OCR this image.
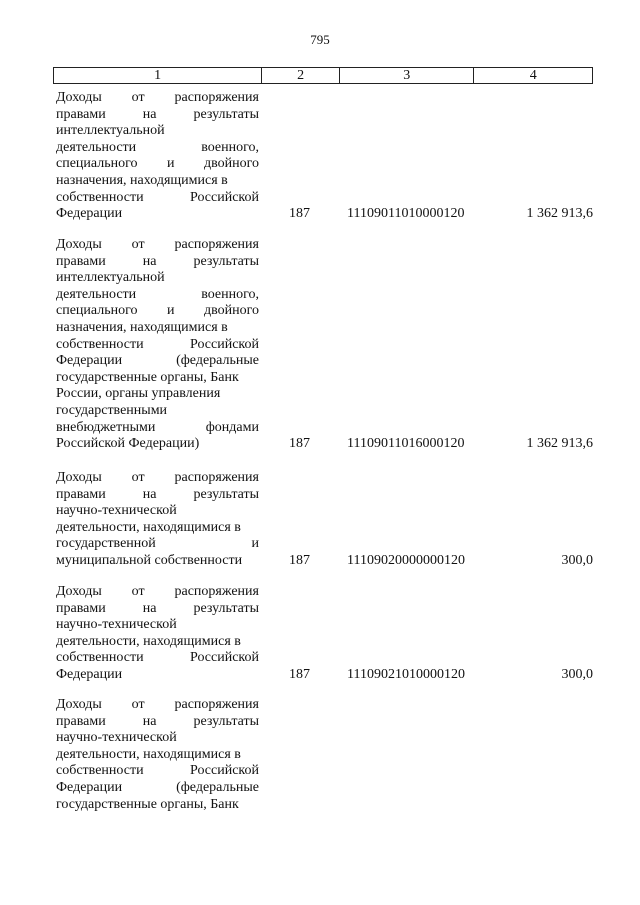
795
1	2	3	4
Доходы от распоряжения
правами	на	результаты
интеллектуальной
деятельности	военного,
специального и двойного
назначения, находящимися в
собственности	Российской
Федерации	187	11109011010000120	1 362 913,6
Доходы от распоряжения
правами	на	результаты
интеллектуальной
деятельности	военного,
специального и двойного
назначения, находящимися в
собственности	Российской
Федерации	(федеральные
государственные органы, Банк
России, органы управления
государственными
внебюджетными	фондами
Российской Федерации)	187	11109011016000120	1 362 913,6
Доходы от распоряжения
правами	на	результаты
научно-технической
деятельности, находящимися в
государственной	и
муниципальной собственности	187	11109020000000120	300,0
Доходы от распоряжения
правами	на	результаты
научно-технической
деятельности, находящимися в
собственности	Российской
Федерации	187	11109021010000120	300,0
Доходы от распоряжения
правами	на	результаты
научно-технической
деятельности, находящимися в
собственности	Российской
Федерации	(федеральные
государственные органы, Банк
